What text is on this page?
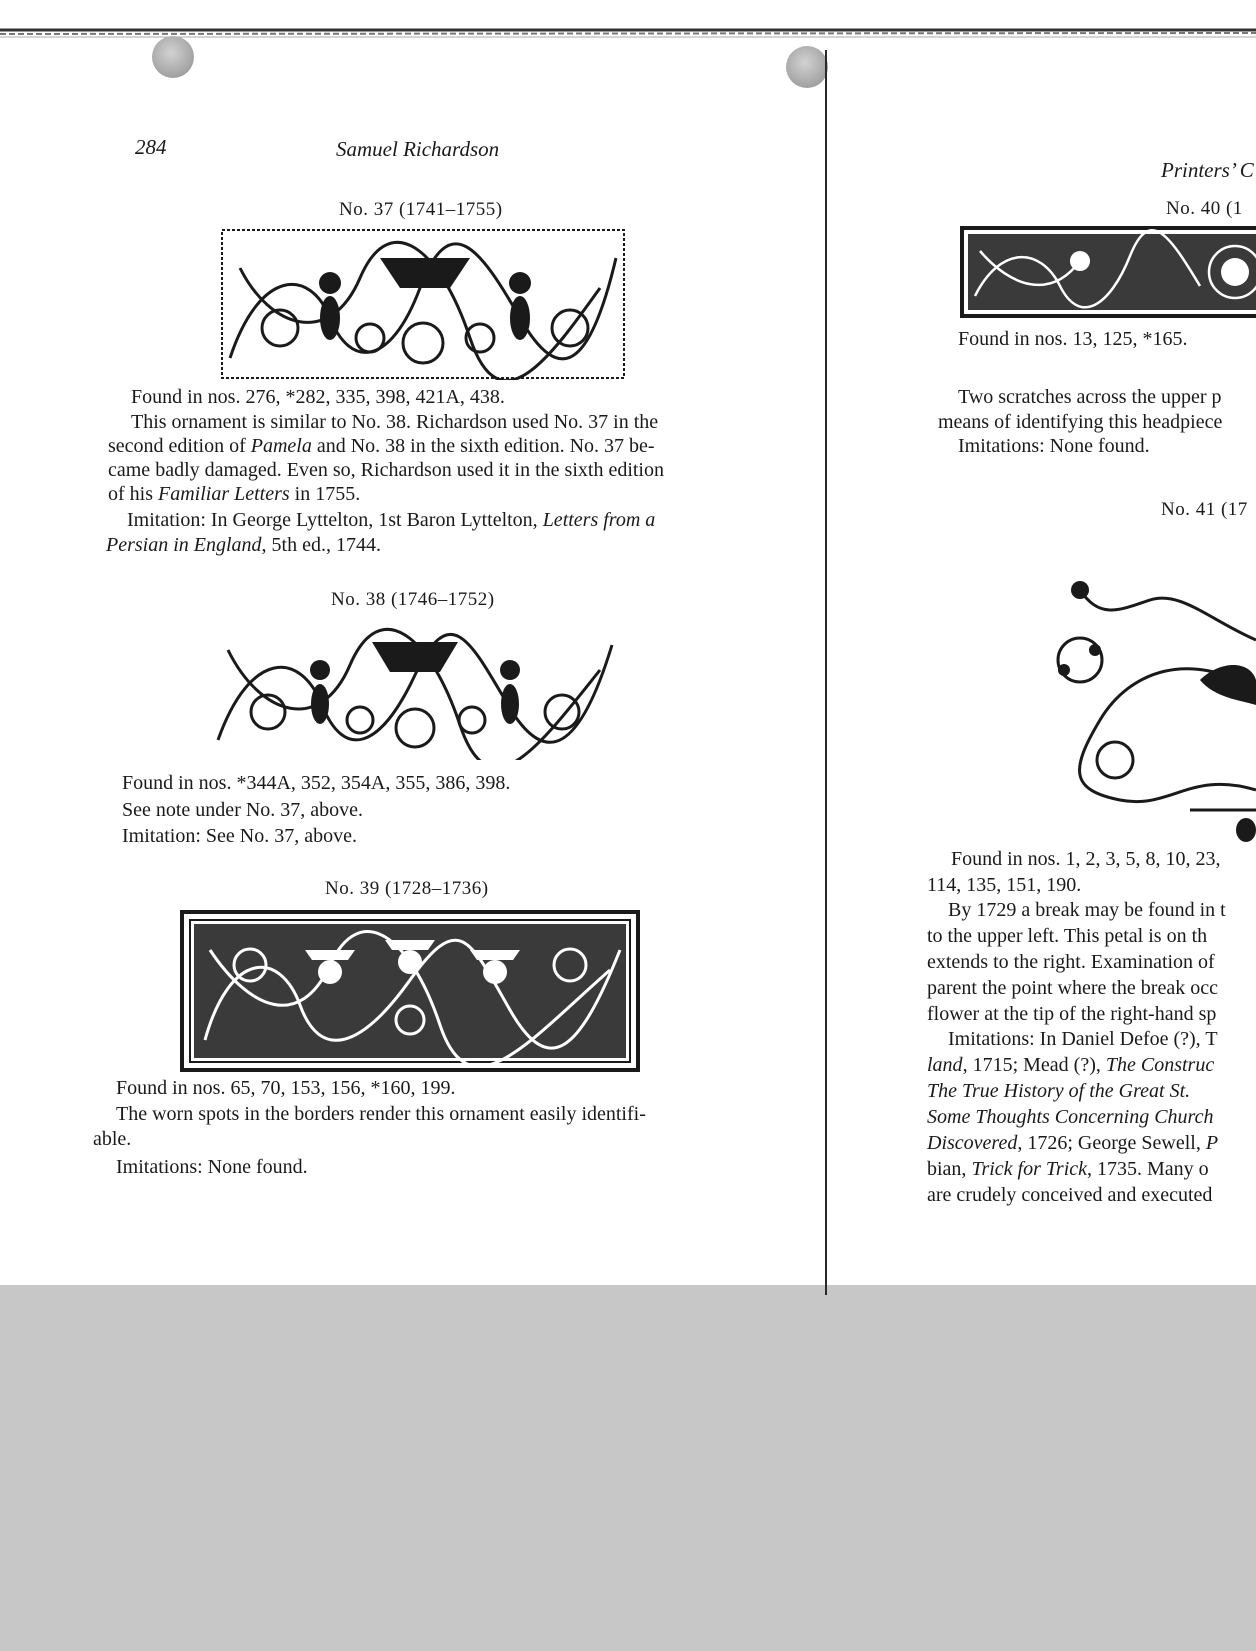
284	Samuel Richardson
No. 37 (1741–1755)
Found in nos. 276, *282, 335, 398, 421A, 438.
This ornament is similar to No. 38. Richardson used No. 37 in the
second edition of Pamela and No. 38 in the sixth edition. No. 37 be-
came badly damaged. Even so, Richardson used it in the sixth edition
of his Familiar Letters in 1755.
Imitation: In George Lyttelton, 1st Baron Lyttelton, Letters from a
Persian in England, 5th ed., 1744.
No. 38 (1746–1752)
Found in nos. *344A, 352, 354A, 355, 386, 398.
See note under No. 37, above.
Imitation: See No. 37, above.
No. 39 (1728–1736)
Found in nos. 65, 70, 153, 156, *160, 199.
The worn spots in the borders render this ornament easily identifi-
able.
Imitations: None found.
Printers’ C
No. 40 (1
Found in nos. 13, 125, *165.
Two scratches across the upper p
means of identifying this headpiece
Imitations: None found.
No. 41 (17
Found in nos. 1, 2, 3, 5, 8, 10, 23,
114, 135, 151, 190.
By 1729 a break may be found in t
to the upper left. This petal is on th
extends to the right. Examination of
parent the point where the break occ
flower at the tip of the right-hand sp
Imitations: In Daniel Defoe (?), T
land, 1715; Mead (?), The Construc
The True History of the Great St.
Some Thoughts Concerning Church
Discovered, 1726; George Sewell, P
bian, Trick for Trick, 1735. Many o
are crudely conceived and executed
